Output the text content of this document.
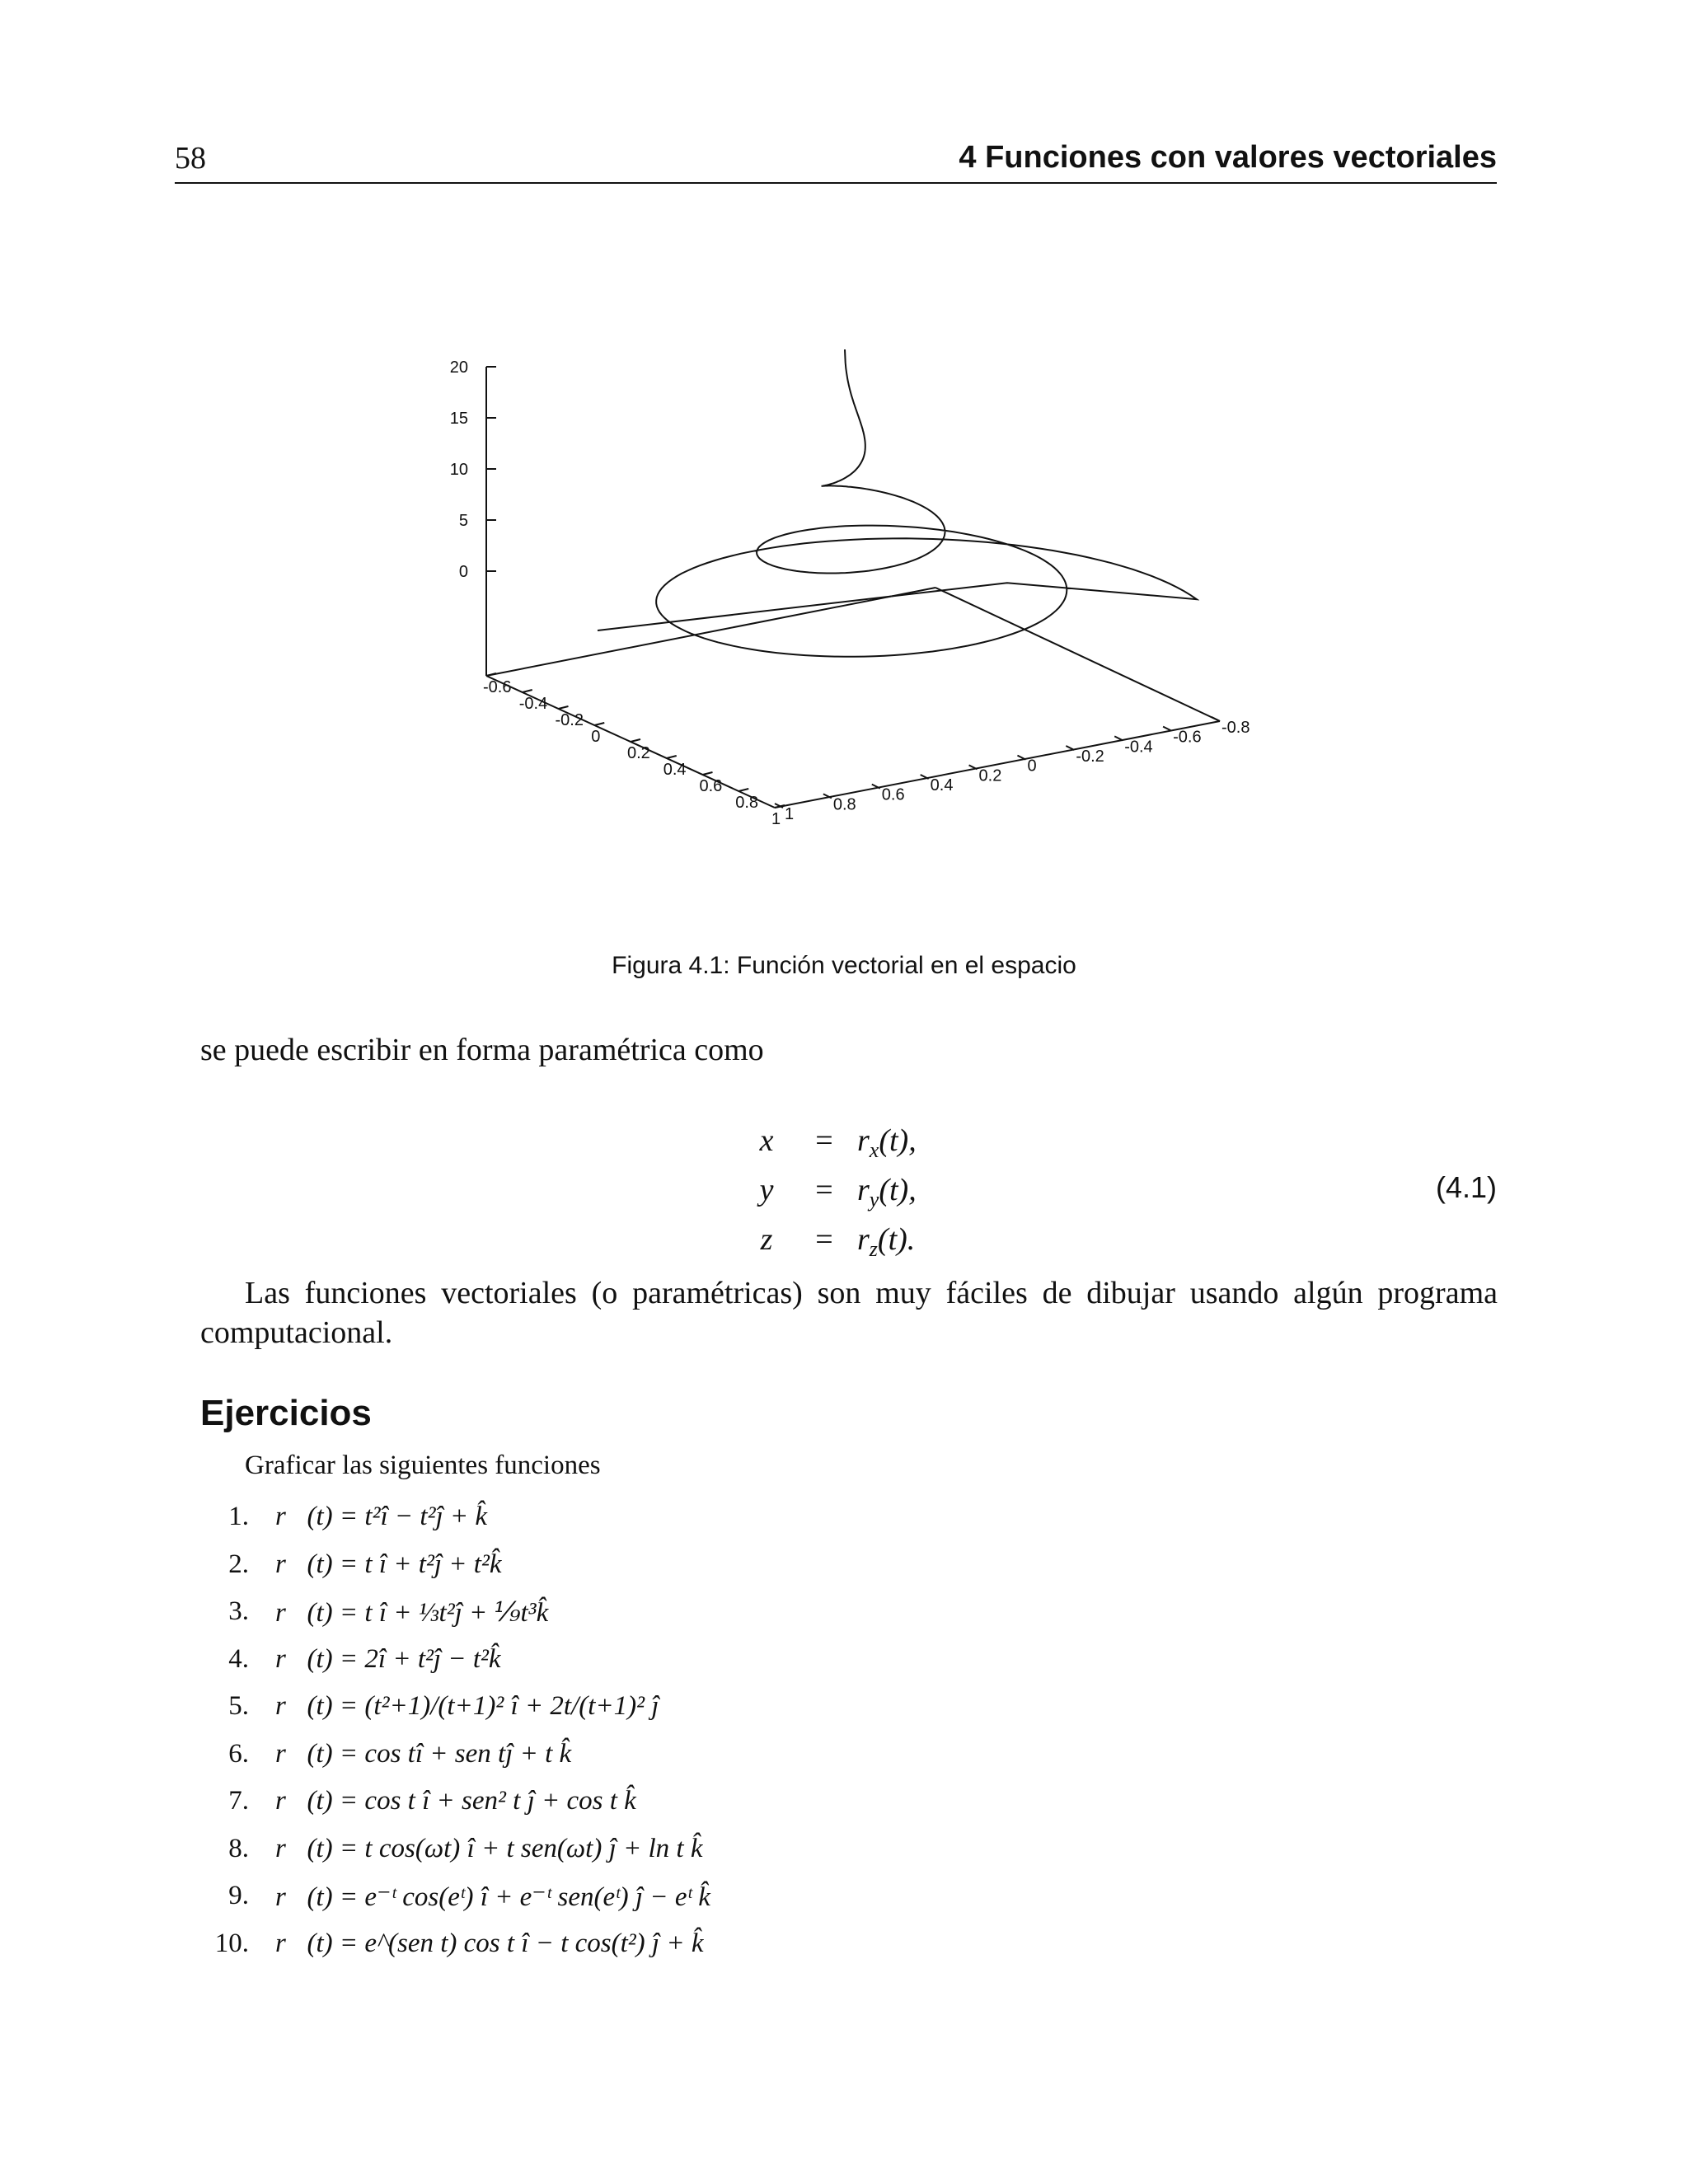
58	4 Funciones con valores vectoriales
20
15
10
5
0
-0.6
-0.4
-0.2
0
0.2
0.4
0.6
0.8
1 1
0.8
0.6
0.4
0.2
0
-0.2
-0.4
-0.6
-0.8
Figura 4.1: Función vectorial en el espacio
se puede escribir en forma paramétrica como
x	= $r_x(t)$,
y	= $r_y(t)$,
z	= $r_z(t)$.
(4.1)
Las funciones vectoriales (o paramétricas) son muy fáciles de dibujar usando algún programa computacional.
Ejercicios
Graficar las siguientes funciones
1. r⃗(t) = t²î − t²ĵ + k̂
2. r⃗(t) = t î + t²ĵ + t²k̂
3. r⃗(t) = t î + ⅓t²ĵ + ⅑t³k̂
4. r⃗(t) = 2î + t²ĵ − t²k̂
5. r⃗(t) = (t²+1)/(t+1)² î + 2t/(t+1)² ĵ
6. r⃗(t) = cos tî + sen tĵ + t k̂
7. r⃗(t) = cos t î + sen² t ĵ + cos t k̂
8. r⃗(t) = t cos(ωt) î + t sen(ωt) ĵ + ln t k̂
9. r⃗(t) = e⁻ᵗ cos(eᵗ) î + e⁻ᵗ sen(eᵗ) ĵ − eᵗ k̂
10. r⃗(t) = e^(sen t) cos t î − t cos(t²) ĵ + k̂
